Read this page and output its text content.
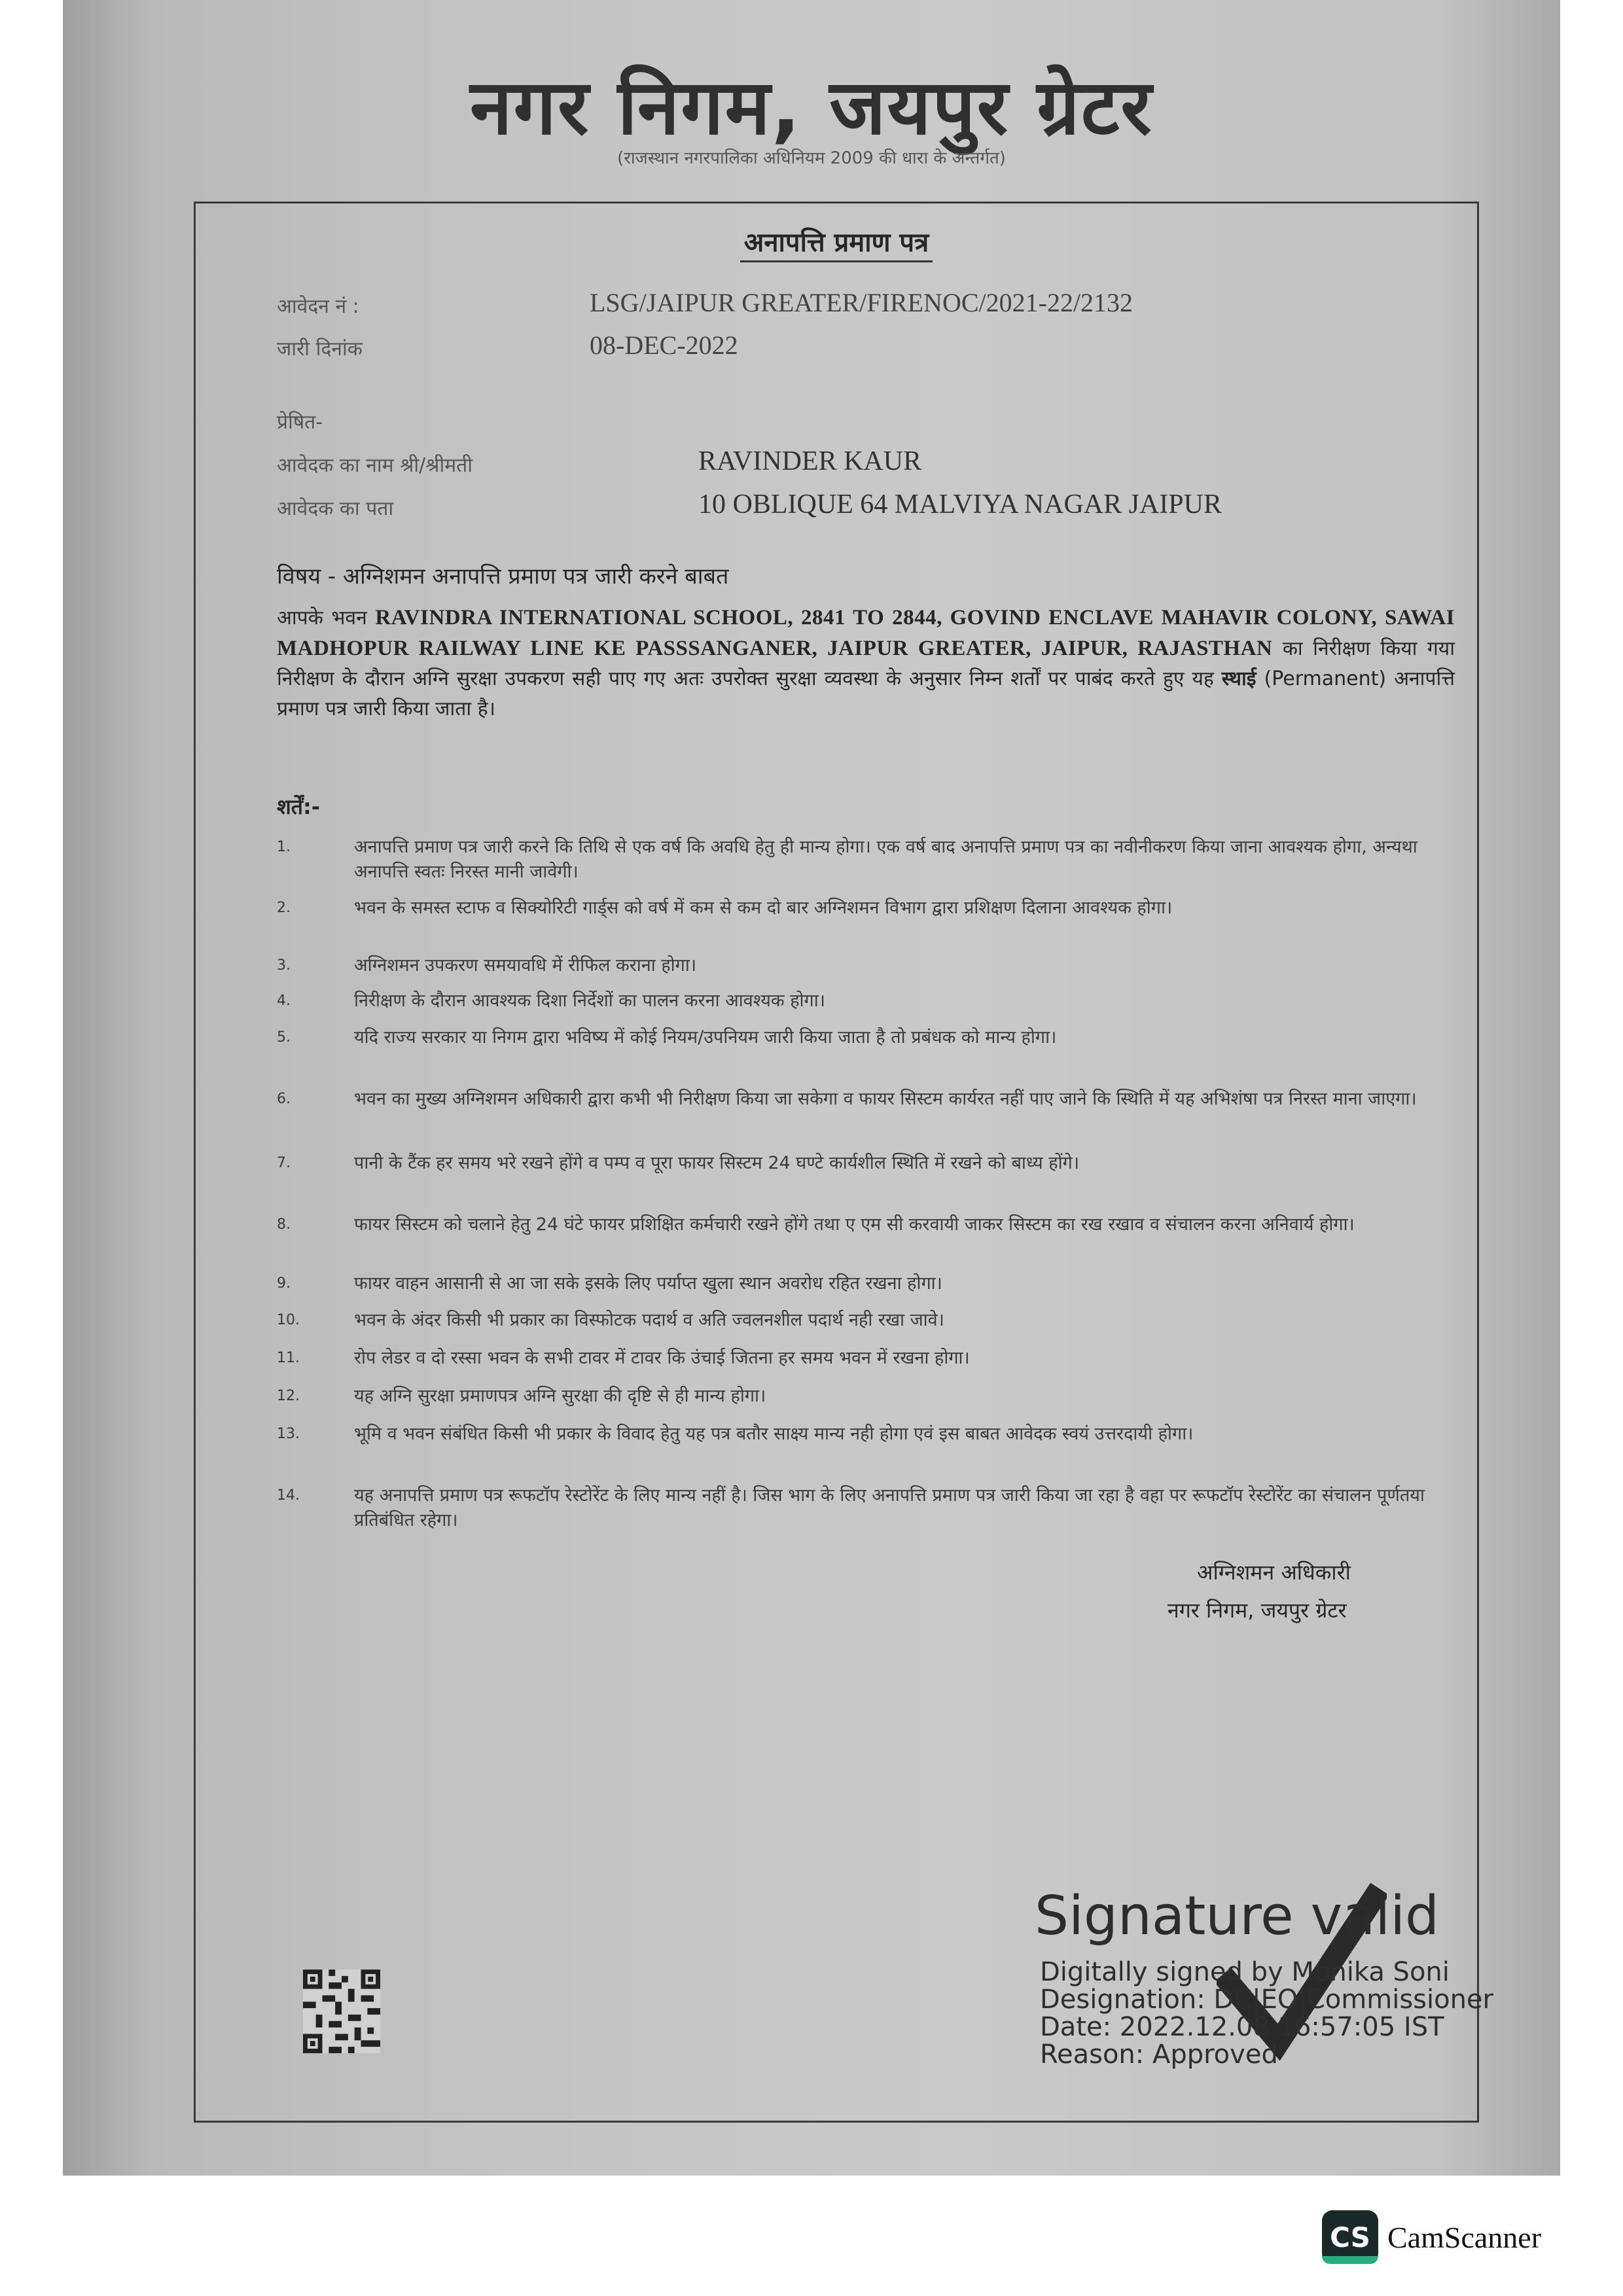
नगर निगम, जयपुर ग्रेटर
(राजस्थान नगरपालिका अधिनियम 2009 की धारा के अन्तर्गत)
अनापत्ति प्रमाण पत्र
आवेदन नं :	LSG/JAIPUR GREATER/FIRENOC/2021-22/2132
जारी दिनांक	08-DEC-2022
प्रेषित-
आवेदक का नाम श्री/श्रीमती	RAVINDER KAUR
आवेदक का पता	10 OBLIQUE 64 MALVIYA NAGAR JAIPUR
विषय - अग्निशमन अनापत्ति प्रमाण पत्र जारी करने बाबत
आपके भवन RAVINDRA INTERNATIONAL SCHOOL, 2841 TO 2844, GOVIND ENCLAVE MAHAVIR COLONY, SAWAI MADHOPUR RAILWAY LINE KE PASSSANGANER, JAIPUR GREATER, JAIPUR, RAJASTHAN का निरीक्षण किया गया निरीक्षण के दौरान अग्नि सुरक्षा उपकरण सही पाए गए अतः उपरोक्त सुरक्षा व्यवस्था के अनुसार निम्न शर्तों पर पाबंद करते हुए यह स्थाई (Permanent) अनापत्ति प्रमाण पत्र जारी किया जाता है।
शर्तें:-
1.	अनापत्ति प्रमाण पत्र जारी करने कि तिथि से एक वर्ष कि अवधि हेतु ही मान्य होगा। एक वर्ष बाद अनापत्ति प्रमाण पत्र का नवीनीकरण किया जाना आवश्यक होगा, अन्यथा अनापत्ति स्वतः निरस्त मानी जावेगी।
2.	भवन के समस्त स्टाफ व सिक्योरिटी गार्ड्स को वर्ष में कम से कम दो बार अग्निशमन विभाग द्वारा प्रशिक्षण दिलाना आवश्यक होगा।
3.	अग्निशमन उपकरण समयावधि में रीफिल कराना होगा।
4.	निरीक्षण के दौरान आवश्यक दिशा निर्देशों का पालन करना आवश्यक होगा।
5.	यदि राज्य सरकार या निगम द्वारा भविष्य में कोई नियम/उपनियम जारी किया जाता है तो प्रबंधक को मान्य होगा।
6.	भवन का मुख्य अग्निशमन अधिकारी द्वारा कभी भी निरीक्षण किया जा सकेगा व फायर सिस्टम कार्यरत नहीं पाए जाने कि स्थिति में यह अभिशंषा पत्र निरस्त माना जाएगा।
7.	पानी के टैंक हर समय भरे रखने होंगे व पम्प व पूरा फायर सिस्टम 24 घण्टे कार्यशील स्थिति में रखने को बाध्य होंगे।
8.	फायर सिस्टम को चलाने हेतु 24 घंटे फायर प्रशिक्षित कर्मचारी रखने होंगे तथा ए एम सी करवायी जाकर सिस्टम का रख रखाव व संचालन करना अनिवार्य होगा।
9.	फायर वाहन आसानी से आ जा सके इसके लिए पर्याप्त खुला स्थान अवरोध रहित रखना होगा।
10.	भवन के अंदर किसी भी प्रकार का विस्फोटक पदार्थ व अति ज्वलनशील पदार्थ नही रखा जावे।
11.	रोप लेडर व दो रस्सा भवन के सभी टावर में टावर कि उंचाई जितना हर समय भवन में रखना होगा।
12.	यह अग्नि सुरक्षा प्रमाणपत्र अग्नि सुरक्षा की दृष्टि से ही मान्य होगा।
13.	भूमि व भवन संबंधित किसी भी प्रकार के विवाद हेतु यह पत्र बतौर साक्ष्य मान्य नही होगा एवं इस बाबत आवेदक स्वयं उत्तरदायी होगा।
14.	यह अनापत्ति प्रमाण पत्र रूफटॉप रेस्टोरेंट के लिए मान्य नहीं है। जिस भाग के लिए अनापत्ति प्रमाण पत्र जारी किया जा रहा है वहा पर रूफटॉप रेस्टोरेंट का संचालन पूर्णतया प्रतिबंधित रहेगा।
अग्निशमन अधिकारी
नगर निगम, जयपुर ग्रेटर
Signature valid
Digitally signed by Monika Soni
Designation: DC|EO|Commissioner
Date: 2022.12.08 16:57:05 IST
Reason: Approved
CS CamScanner
